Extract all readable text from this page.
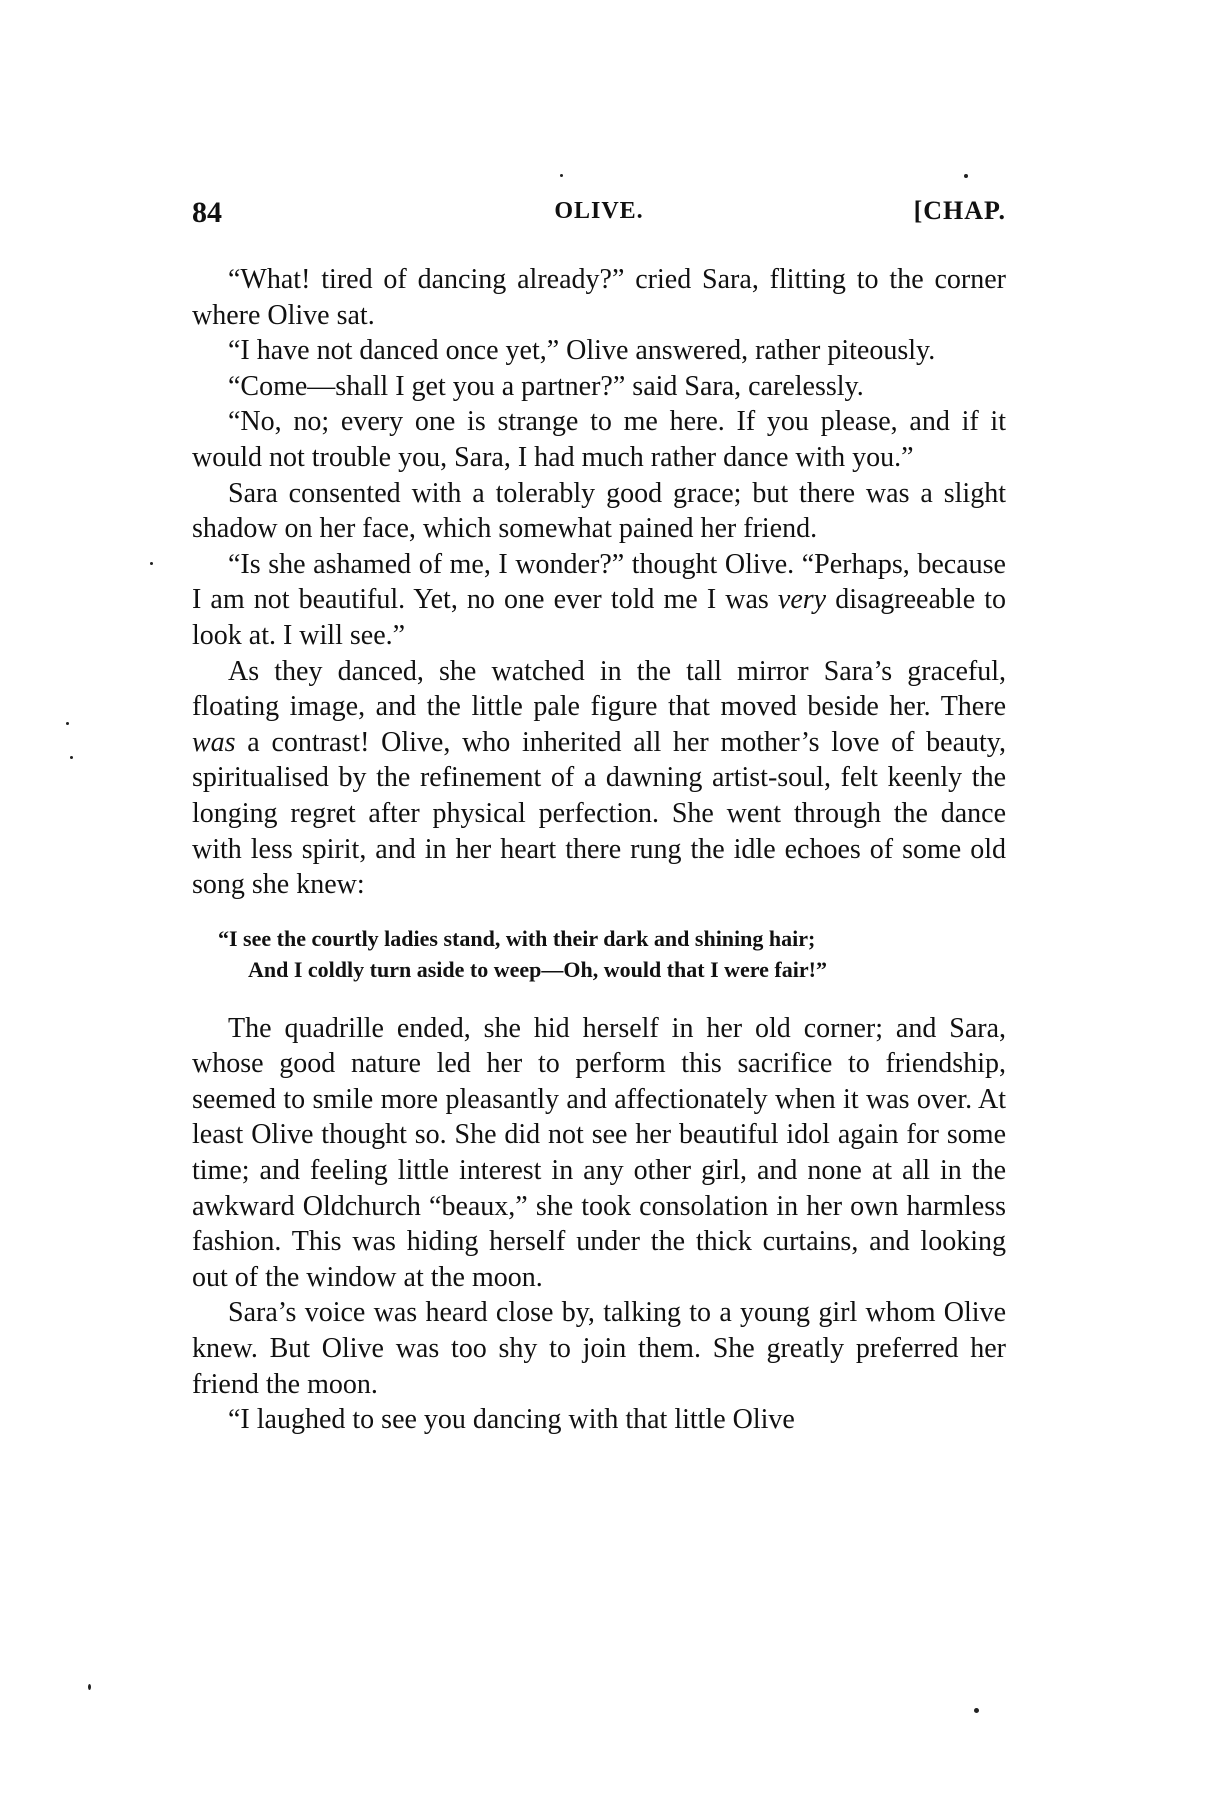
84	OLIVE.	[CHAP.

“What! tired of dancing already?” cried Sara, flitting to the corner where Olive sat.

“I have not danced once yet,” Olive answered, rather piteously.

“Come—shall I get you a partner?” said Sara, carelessly.

“No, no; every one is strange to me here. If you please, and if it would not trouble you, Sara, I had much rather dance with you.”

Sara consented with a tolerably good grace; but there was a slight shadow on her face, which somewhat pained her friend.

“Is she ashamed of me, I wonder?” thought Olive. “Perhaps, because I am not beautiful. Yet, no one ever told me I was very disagreeable to look at. I will see.”

As they danced, she watched in the tall mirror Sara’s graceful, floating image, and the little pale figure that moved beside her. There was a contrast! Olive, who inherited all her mother’s love of beauty, spiritualised by the refinement of a dawning artist-soul, felt keenly the longing regret after physical perfection. She went through the dance with less spirit, and in her heart there rung the idle echoes of some old song she knew:

“I see the courtly ladies stand, with their dark and shining hair;
And I coldly turn aside to weep—Oh, would that I were fair!”

The quadrille ended, she hid herself in her old corner; and Sara, whose good nature led her to perform this sacrifice to friendship, seemed to smile more pleasantly and affectionately when it was over. At least Olive thought so. She did not see her beautiful idol again for some time; and feeling little interest in any other girl, and none at all in the awkward Oldchurch “beaux,” she took consolation in her own harmless fashion. This was hiding herself under the thick curtains, and looking out of the window at the moon.

Sara’s voice was heard close by, talking to a young girl whom Olive knew. But Olive was too shy to join them. She greatly preferred her friend the moon.

“I laughed to see you dancing with that little Olive
